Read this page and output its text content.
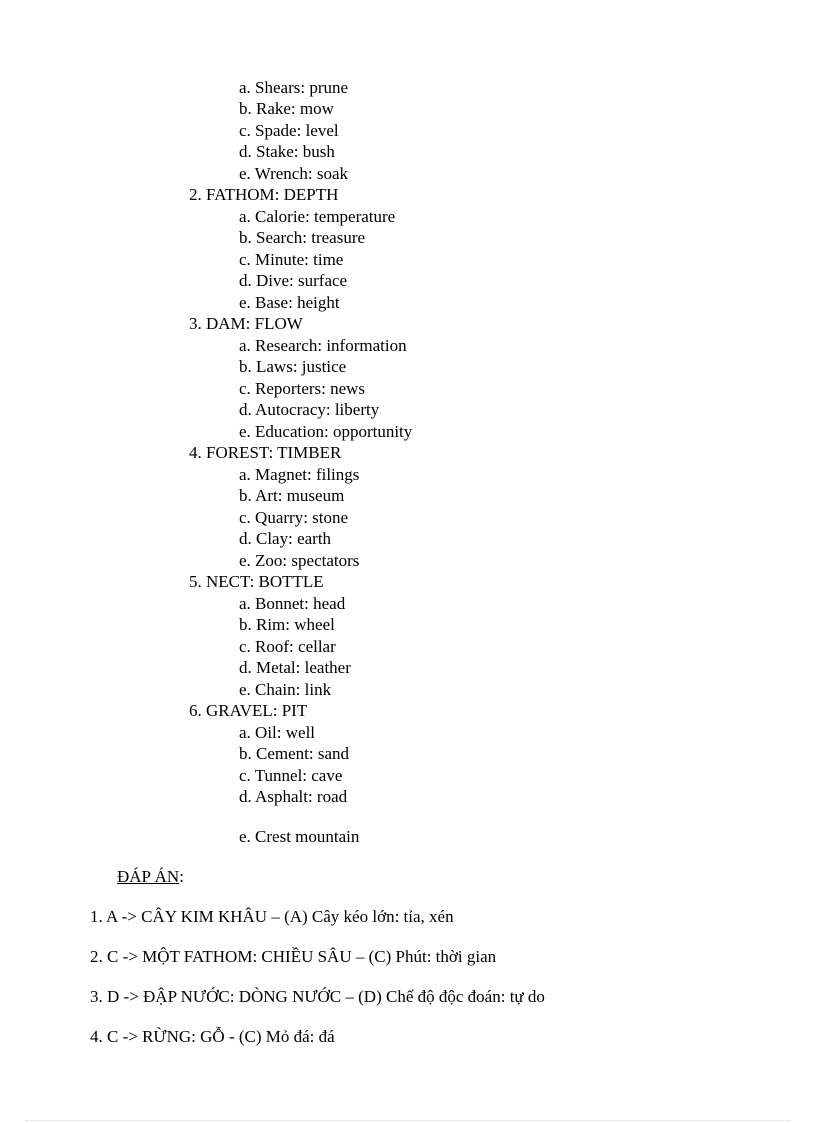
a. Shears: prune
b. Rake: mow
c. Spade: level
d. Stake: bush
e. Wrench: soak
2. FATHOM: DEPTH
a. Calorie: temperature
b. Search: treasure
c. Minute: time
d. Dive: surface
e. Base: height
3. DAM: FLOW
a. Research: information
b. Laws: justice
c. Reporters: news
d. Autocracy: liberty
e. Education: opportunity
4. FOREST: TIMBER
a. Magnet: filings
b. Art: museum
c. Quarry: stone
d. Clay: earth
e. Zoo: spectators
5. NECT: BOTTLE
a. Bonnet: head
b. Rim: wheel
c. Roof: cellar
d. Metal: leather
e. Chain: link
6. GRAVEL: PIT
a. Oil: well
b. Cement: sand
c. Tunnel: cave
d. Asphalt: road
e. Crest mountain
ĐÁP ÁN:
1. A -> CÂY KIM KHÂU – (A) Cây kéo lớn: tỉa, xén
2. C -> MỘT FATHOM: CHIỀU SÂU – (C) Phút: thời gian
3. D -> ĐẬP NƯỚC: DÒNG NƯỚC – (D) Chế độ độc đoán: tự do
4. C -> RỪNG: GỖ - (C) Mỏ đá: đá
